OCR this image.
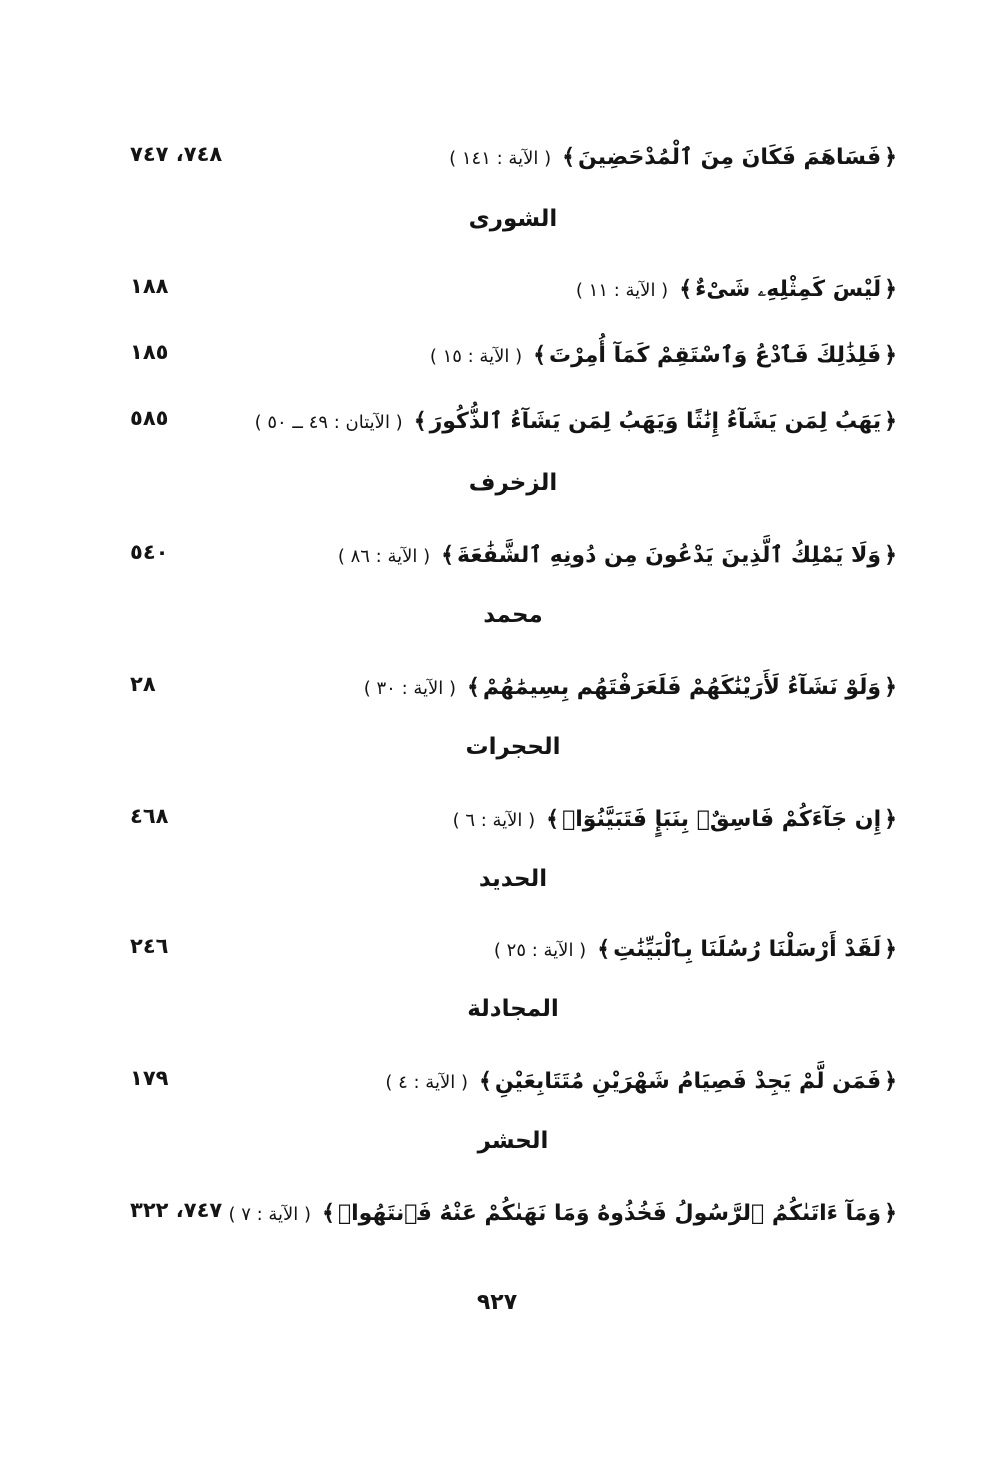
﴿فَسَاهَمَ فَكَانَ مِنَ ٱلْمُدْحَضِينَ﴾( الآية : ١٤١ )
٧٤٨، ٧٤٧
الشورى
﴿لَيْسَ كَمِثْلِهِۦ شَىْءٌ﴾( الآية : ١١ )
١٨٨
﴿فَلِذَٰلِكَ فَٱدْعُ وَٱسْتَقِمْ كَمَآ أُمِرْتَ﴾( الآية : ١٥ )
١٨٥
﴿يَهَبُ لِمَن يَشَآءُ إِنَٰثًا وَيَهَبُ لِمَن يَشَآءُ ٱلذُّكُورَ﴾( الآيتان : ٤٩ ــ ٥٠ )
٥٨٥
الزخرف
﴿وَلَا يَمْلِكُ ٱلَّذِينَ يَدْعُونَ مِن دُونِهِ ٱلشَّفَٰعَةَ﴾( الآية : ٨٦ )
٥٤٠
محمد
﴿وَلَوْ نَشَآءُ لَأَرَيْنَٰكَهُمْ فَلَعَرَفْتَهُم بِسِيمَٰهُمْ﴾( الآية : ٣٠ )
٢٨
الحجرات
﴿إِن جَآءَكُمْ فَاسِقٌۢ بِنَبَإٍ فَتَبَيَّنُوٓا۟﴾( الآية : ٦ )
٤٦٨
الحديد
﴿لَقَدْ أَرْسَلْنَا رُسُلَنَا بِٱلْبَيِّنَٰتِ﴾( الآية : ٢٥ )
٢٤٦
المجادلة
﴿فَمَن لَّمْ يَجِدْ فَصِيَامُ شَهْرَيْنِ مُتَتَابِعَيْنِ﴾( الآية : ٤ )
١٧٩
الحشر
﴿وَمَآ ءَاتَىٰكُمُ ٱلرَّسُولُ فَخُذُوهُ وَمَا نَهَىٰكُمْ عَنْهُ فَٱنتَهُوا۟﴾( الآية : ٧ )
٧٤٧، ٣٢٢
٩٢٧
